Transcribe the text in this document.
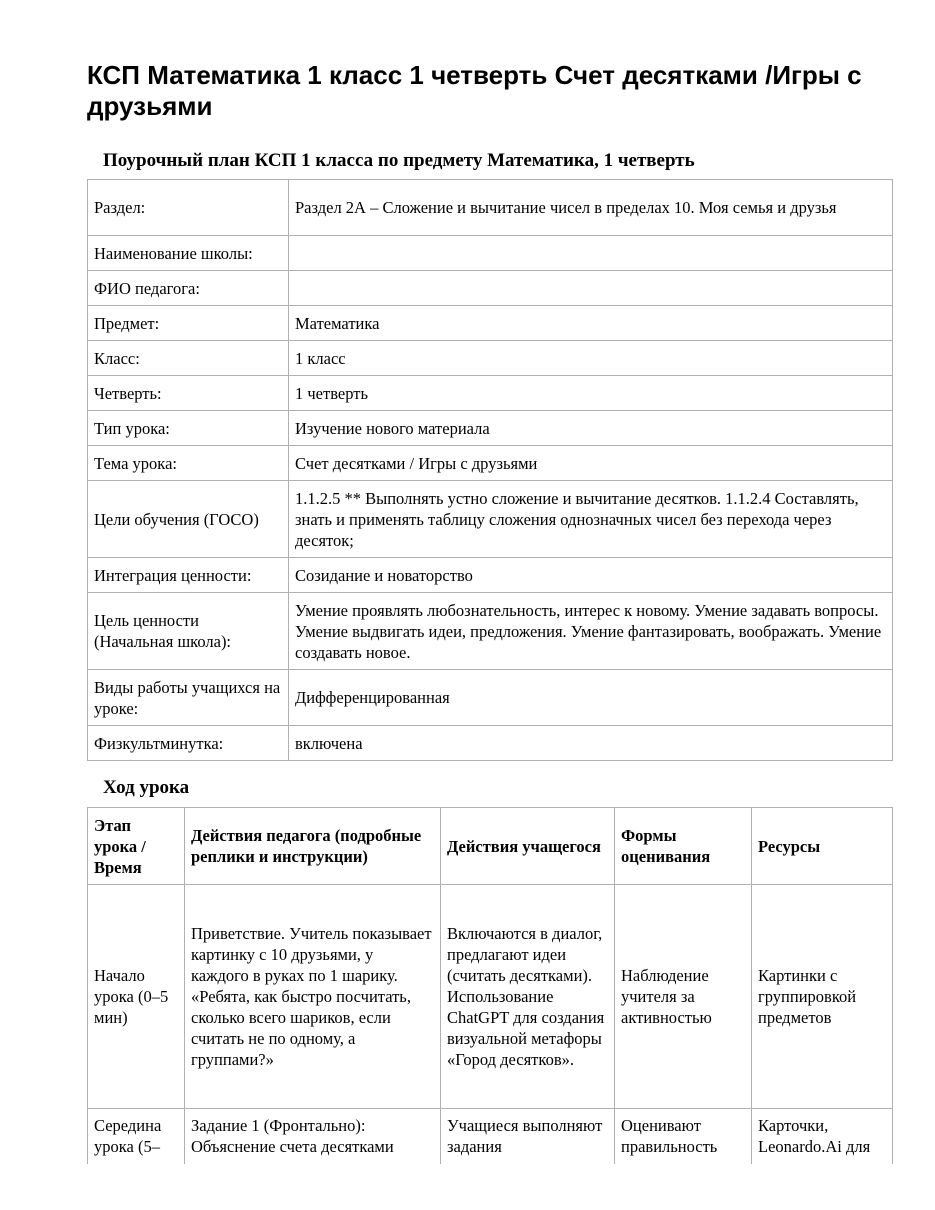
КСП Математика 1 класс 1 четверть Счет десятками /Игры с друзьями
Поурочный план КСП 1 класса по предмету Математика, 1 четверть
Раздел:	Раздел 2А – Сложение и вычитание чисел в пределах 10. Моя семья и друзья
Наименование школы:	
ФИО педагога:	
Предмет:	Математика
Класс:	1 класс
Четверть:	1 четверть
Тип урока:	Изучение нового материала
Тема урока:	Счет десятками / Игры с друзьями
Цели обучения (ГОСО)	1.1.2.5 ** Выполнять устно сложение и вычитание десятков. 1.1.2.4 Составлять, знать и применять таблицу сложения однозначных чисел без перехода через десяток;
Интеграция ценности:	Созидание и новаторство
Цель ценности (Начальная школа):	Умение проявлять любознательность, интерес к новому. Умение задавать вопросы. Умение выдвигать идеи, предложения. Умение фантазировать, воображать. Умение создавать новое.
Виды работы учащихся на уроке:	Дифференцированная
Физкультминутка:	включена
Ход урока
Этап урока / Время	Действия педагога (подробные реплики и инструкции)	Действия учащегося	Формы оценивания	Ресурсы
Начало урока (0–5 мин)	Приветствие. Учитель показывает картинку с 10 друзьями, у каждого в руках по 1 шарику. «Ребята, как быстро посчитать, сколько всего шариков, если считать не по одному, а группами?»	Включаются в диалог, предлагают идеи (считать десятками). Использование ChatGPT для создания визуальной метафоры «Город десятков».	Наблюдение учителя за активностью	Картинки с группировкой предметов
Середина урока (5–	Задание 1 (Фронтально): Объяснение счета десятками	Учащиеся выполняют задания	Оценивают правильность	Карточки, Leonardo.Ai для
